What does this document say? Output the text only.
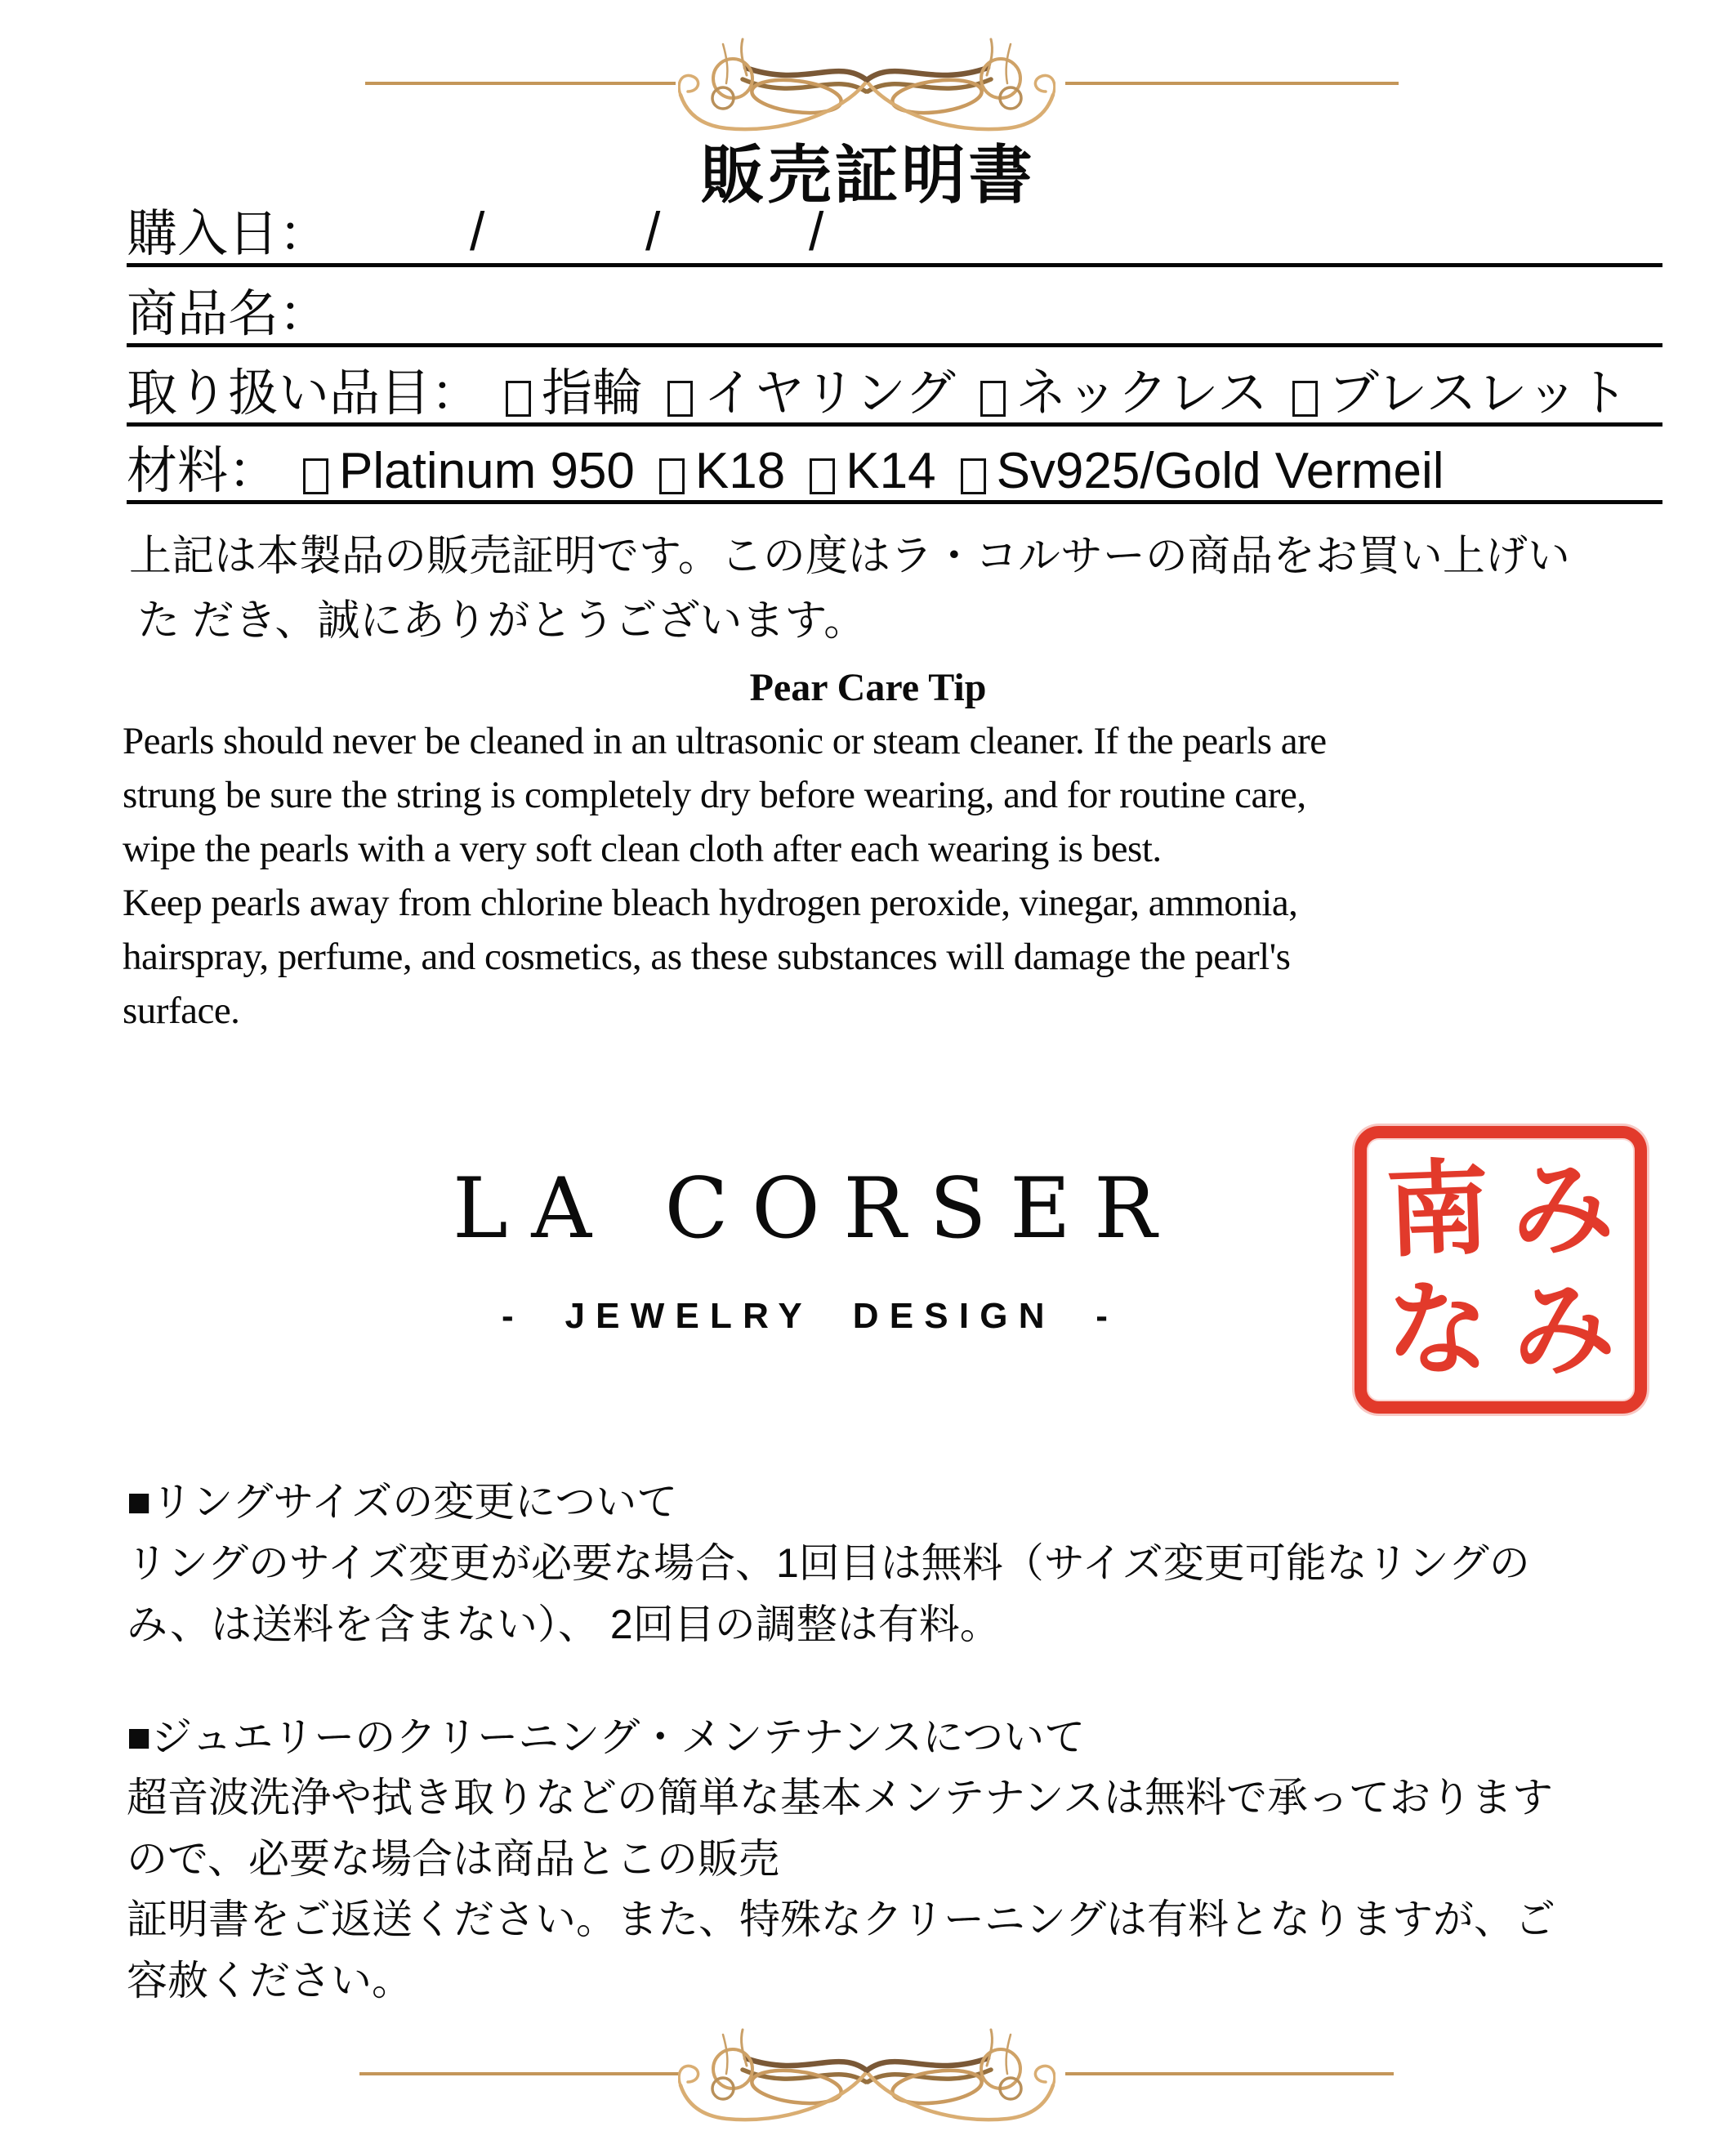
販売証明書
購入日：	/	/	/
商品名：
取り扱い品目： 指輪 イヤリング ネックレス ブレスレット
材料： Platinum 950 K18 K14 Sv925/Gold Vermeil
上記は本製品の販売証明です。この度はラ・コルサーの商品をお買い上げい
た だき、誠にありがとうございます。
Pear Care Tip
Pearls should never be cleaned in an ultrasonic or steam cleaner. If the pearls are
strung be sure the string is completely dry before wearing, and for routine care,
wipe the pearls with a very soft clean cloth after each wearing is best.
Keep pearls away from chlorine bleach hydrogen peroxide, vinegar, ammonia,
hairspray, perfume, and cosmetics, as these substances will damage the pearl's
surface.
LA CORSER
- JEWELRY DESIGN -
南 み
な み
■リングサイズの変更について
リングのサイズ変更が必要な場合、1回目は無料（サイズ変更可能なリングの
み、は送料を含まない）、 2回目の調整は有料。
■ジュエリーのクリーニング・メンテナンスについて
超音波洗浄や拭き取りなどの簡単な基本メンテナンスは無料で承っております
ので、必要な場合は商品とこの販売
証明書をご返送ください。また、特殊なクリーニングは有料となりますが、ご
容赦ください。
